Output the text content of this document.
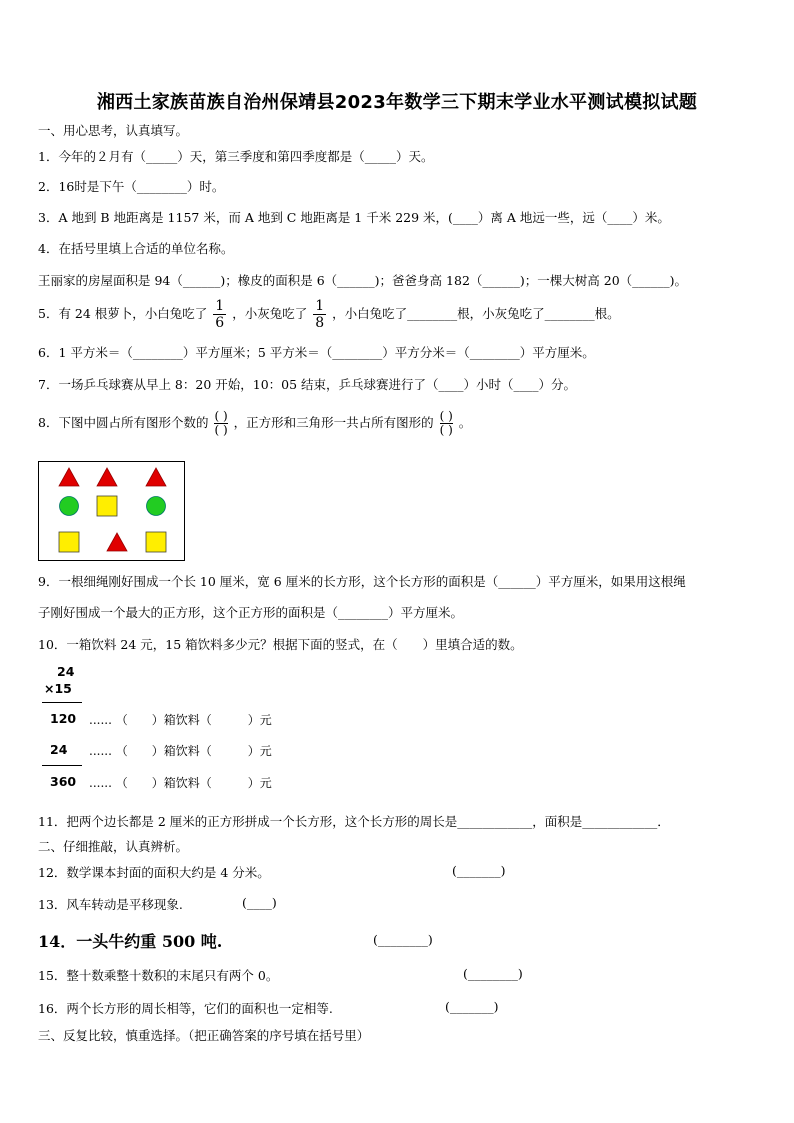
湘西土家族苗族自治州保靖县2023年数学三下期末学业水平测试模拟试题
一、用心思考，认真填写。
1．今年的２月有（_____）天，第三季度和第四季度都是（_____）天。
2．16时是下午（________）时。
3．A 地到 B 地距离是 1157 米，而 A 地到 C 地距离是 1 千米 229 米，(____）离 A 地远一些，远（____）米。
4．在括号里填上合适的单位名称。
王丽家的房屋面积是 94（______)；橡皮的面积是 6（______)；爸爸身高 182（______)；一棵大树高 20（______)。
5．有 24 根萝卜，小白兔吃了 $\frac{1}{6}$ ，小灰兔吃了 $\frac{1}{8}$ ，小白兔吃了________根，小灰兔吃了________根。
6．1 平方米＝（________）平方厘米；5 平方米＝（________）平方分米＝（________）平方厘米。
7．一场乒乓球赛从早上 8：20 开始，10：05 结束，乒乓球赛进行了（____）小时（____）分。
8．下图中圆占所有图形个数的 $\frac{( )}{( )}$ ，正方形和三角形一共占所有图形的 $\frac{( )}{( )}$ 。
9．一根细绳刚好围成一个长 10 厘米，宽 6 厘米的长方形，这个长方形的面积是（______）平方厘米，如果用这根绳
子刚好围成一个最大的正方形，这个正方形的面积是（________）平方厘米。
10．一箱饮料 24 元，15 箱饮料多少元？根据下面的竖式，在（　　）里填合适的数。
24
×15
120 ...... （　　）箱饮料（　　　）元
24 ...... （　　）箱饮料（　　　）元
360 ...... （　　）箱饮料（　　　）元
11．把两个边长都是 2 厘米的正方形拼成一个长方形，这个长方形的周长是____________，面积是____________．
二、仔细推敲，认真辨析。
12．数学课本封面的面积大约是 4 分米。	(_______)
13．风车转动是平移现象.	(____)
14．一头牛约重 500 吨.	(________)
15．整十数乘整十数积的末尾只有两个 0。	(________)
16．两个长方形的周长相等，它们的面积也一定相等.	(_______)
三、反复比较，慎重选择。（把正确答案的序号填在括号里）
